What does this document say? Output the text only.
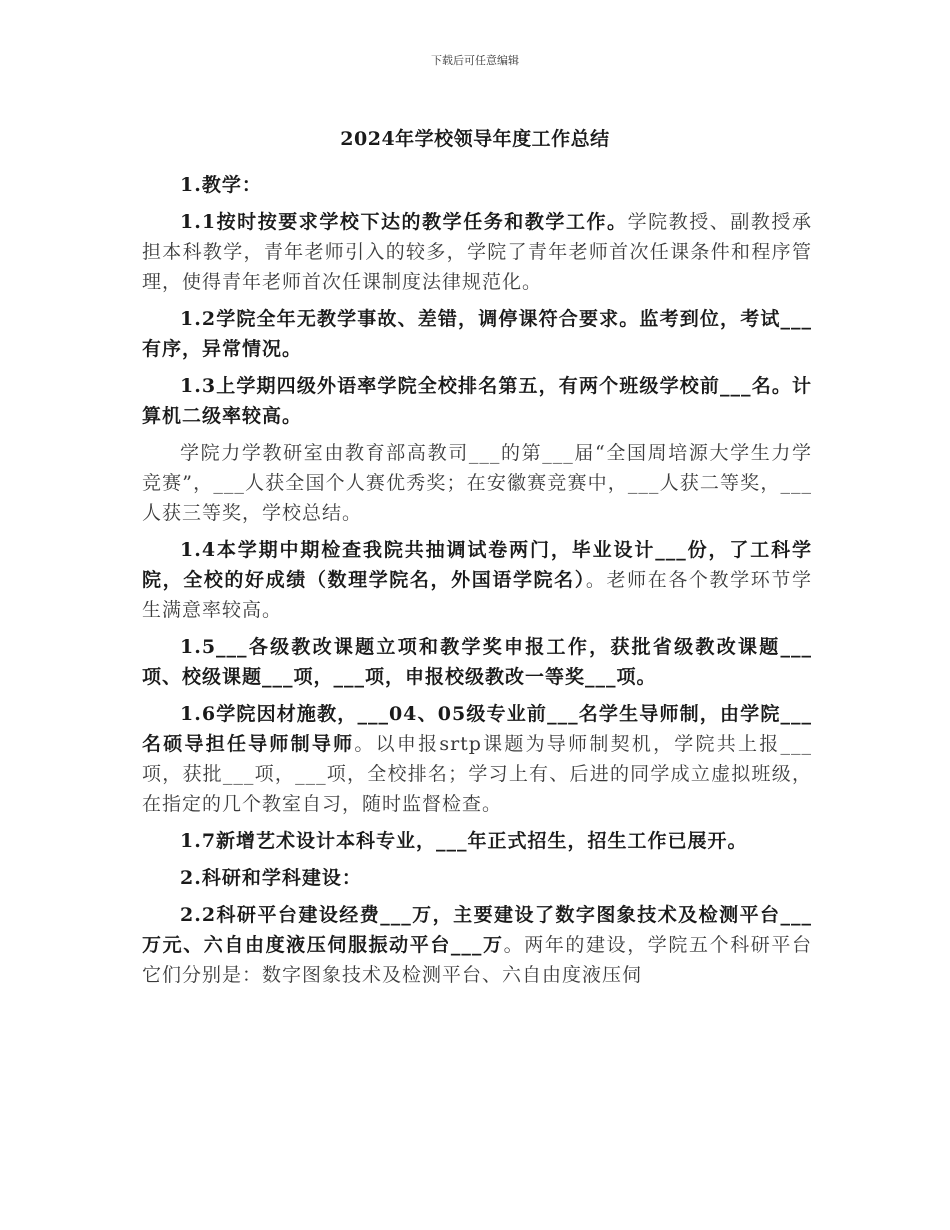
下载后可任意编辑
2024年学校领导年度工作总结

1.教学：

1.1按时按要求学校下达的教学任务和教学工作。学院教授、副教授承担本科教学，青年老师引入的较多，学院了青年老师首次任课条件和程序管理，使得青年老师首次任课制度法律规范化。

1.2学院全年无教学事故、差错，调停课符合要求。监考到位，考试___有序，异常情况。

1.3上学期四级外语率学院全校排名第五，有两个班级学校前___名。计算机二级率较高。

学院力学教研室由教育部高教司___的第___届“全国周培源大学生力学竞赛”，___人获全国个人赛优秀奖；在安徽赛竞赛中，___人获二等奖，___人获三等奖，学校总结。

1.4本学期中期检查我院共抽调试卷两门，毕业设计___份，了工科学院，全校的好成绩（数理学院名，外国语学院名）。老师在各个教学环节学生满意率较高。

1.5___各级教改课题立项和教学奖申报工作，获批省级教改课题___项、校级课题___项，___项，申报校级教改一等奖___项。

1.6学院因材施教，___04、05级专业前___名学生导师制，由学院___名硕导担任导师制导师。以申报srtp课题为导师制契机，学院共上报___项，获批___项，___项，全校排名；学习上有、后进的同学成立虚拟班级，在指定的几个教室自习，随时监督检查。

1.7新增艺术设计本科专业，___年正式招生，招生工作已展开。

2.科研和学科建设：

2.2科研平台建设经费___万，主要建设了数字图象技术及检测平台___万元、六自由度液压伺服振动平台___万。两年的建设，学院五个科研平台它们分别是：数字图象技术及检测平台、六自由度液压伺
